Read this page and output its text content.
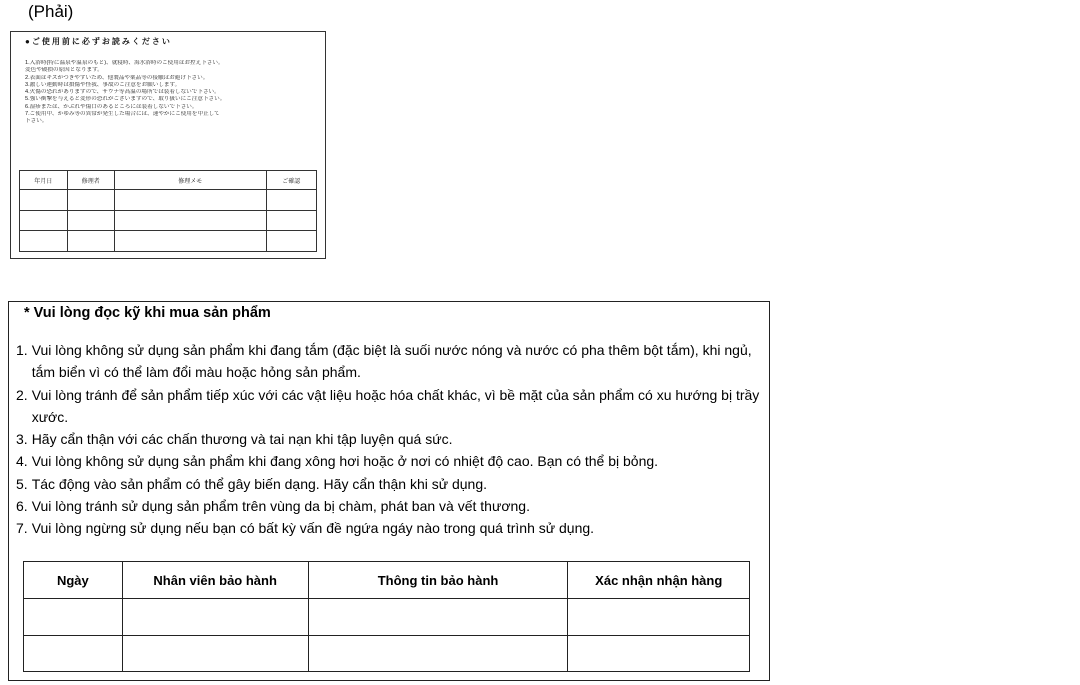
(Phải)
●ご使用前に必ずお読みください
1.入浴時(特に温泉や温泉のもと)、就寝時、海水浴時のご使用はお控え下さい。
変色や破損の原因となります。
2.表面はキズがつきやすいため、他製品や薬品等の接触はお避け下さい。
3.激しい運動時は損傷や怪我、事故のご注意をお願いします。
4.火傷の恐れがありますので、サウナ等高温の場所では装着しないで下さい。
5.強い衝撃を与えると変形の恐れがございますので、取り扱いにご注意下さい。
6.湿疹または、かぶれや傷口のあるところには装着しないで下さい。
7.ご使用中、かゆみ等の異常が発生した場合には、速やかにご使用を中止して
下さい。
年月日	修理者	修理メモ	ご確認

* Vui lòng đọc kỹ khi mua sản phẩm
1. Vui lòng không sử dụng sản phẩm khi đang tắm (đặc biệt là suối nước nóng và nước có pha thêm bột tắm), khi ngủ, tắm biển vì có thể làm đổi màu hoặc hỏng sản phẩm.
2. Vui lòng tránh để sản phẩm tiếp xúc với các vật liệu hoặc hóa chất khác, vì bề mặt của sản phẩm có xu hướng bị trầy xước.
3. Hãy cẩn thận với các chấn thương và tai nạn khi tập luyện quá sức.
4. Vui lòng không sử dụng sản phẩm khi đang xông hơi hoặc ở nơi có nhiệt độ cao. Bạn có thể bị bỏng.
5. Tác động vào sản phẩm có thể gây biến dạng. Hãy cẩn thận khi sử dụng.
6. Vui lòng tránh sử dụng sản phẩm trên vùng da bị chàm, phát ban và vết thương.
7. Vui lòng ngừng sử dụng nếu bạn có bất kỳ vấn đề ngứa ngáy nào trong quá trình sử dụng.
Ngày	Nhân viên bảo hành	Thông tin bảo hành	Xác nhận nhận hàng
